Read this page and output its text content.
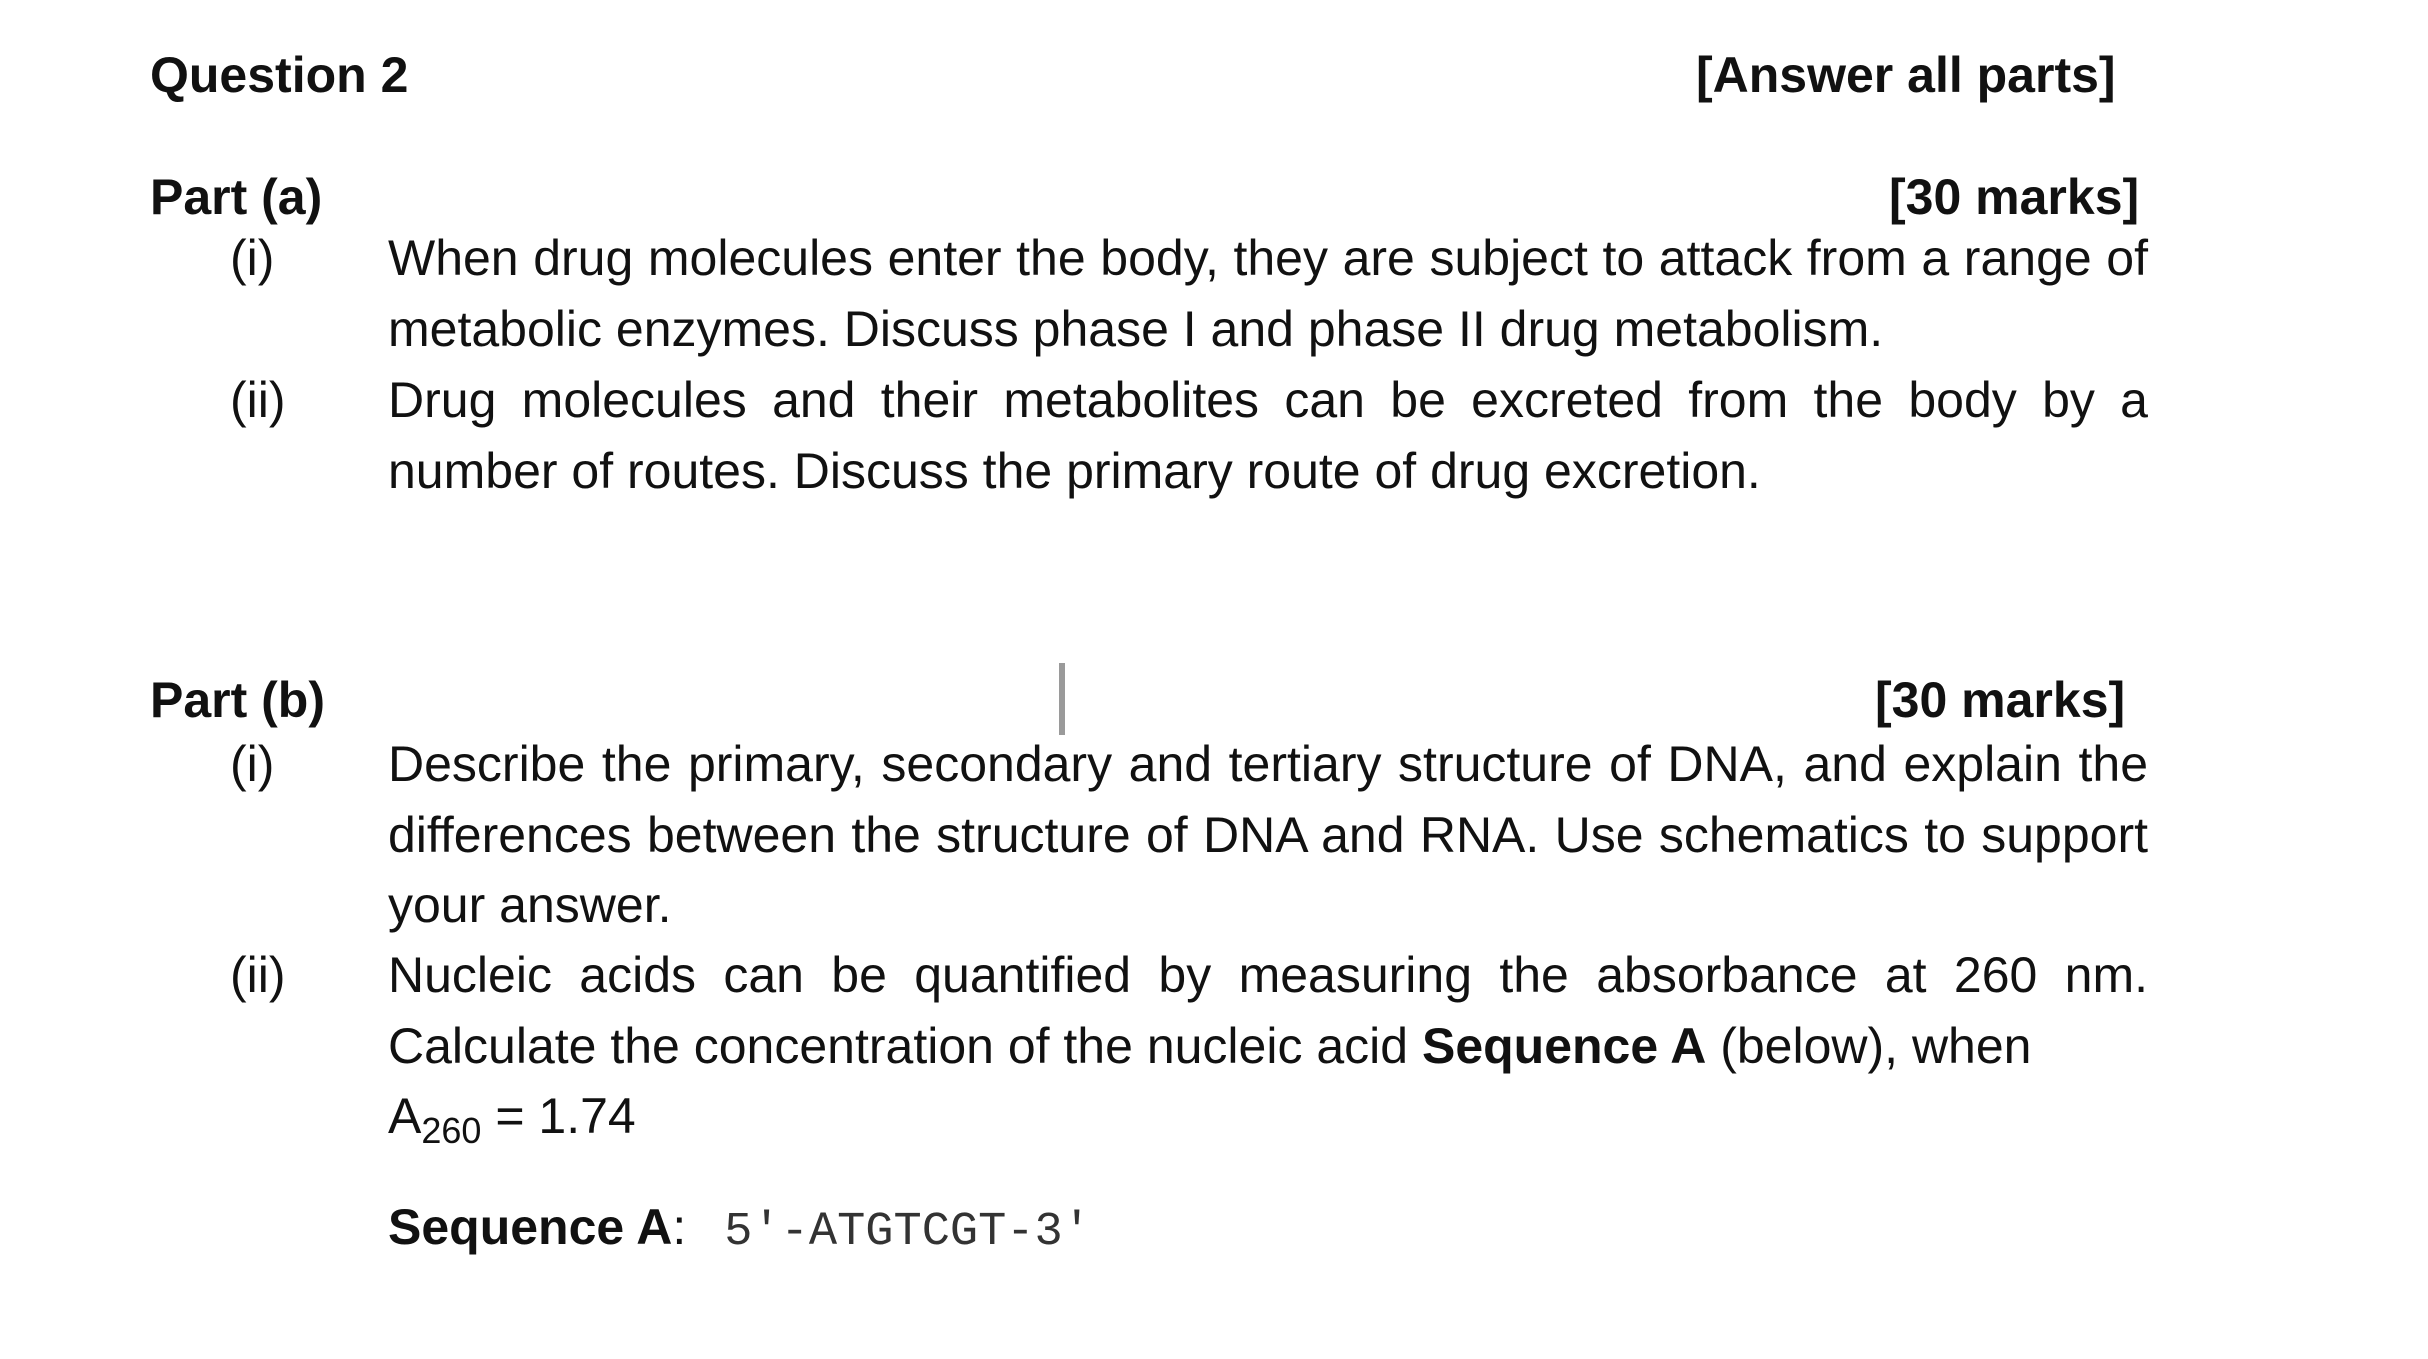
Question 2	[Answer all parts]
Part (a)	[30 marks]
(i) When drug molecules enter the body, they are subject to attack from a range of metabolic enzymes. Discuss phase I and phase II drug metabolism.
(ii) Drug molecules and their metabolites can be excreted from the body by a number of routes. Discuss the primary route of drug excretion.
Part (b)	[30 marks]
(i) Describe the primary, secondary and tertiary structure of DNA, and explain the differences between the structure of DNA and RNA. Use schematics to support your answer.
(ii) Nucleic acids can be quantified by measuring the absorbance at 260 nm. Calculate the concentration of the nucleic acid Sequence A (below), when
$A_{260} = 1.74$
Sequence A: 5′-ATGTCGT-3′
